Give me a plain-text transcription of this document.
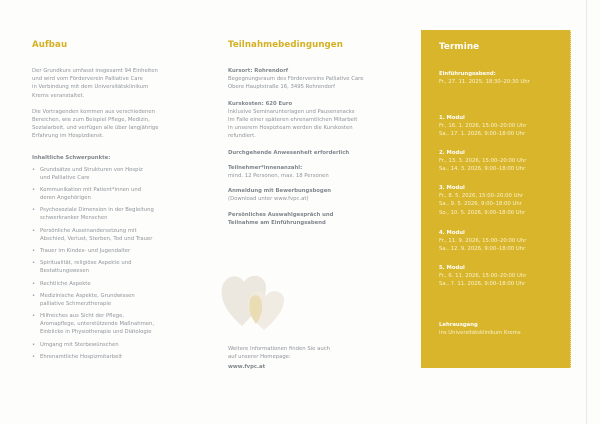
Aufbau
Der Grundkurs umfasst insgesamt 94 Einheiten
und wird vom Förderverein Palliative Care
in Verbindung mit dem Universitätsklinikum
Krems veranstaltet.
Die Vortragenden kommen aus verschiedenen
Bereichen, wie zum Beispiel Pflege, Medizin,
Sozialarbeit, und verfügen alle über langjährige
Erfahrung im Hospizdienst.
Inhaltliche Schwerpunkte:
• Grundsätze und Strukturen von Hospiz
und Palliative Care
• Kommunikation mit Patient*innen und
deren Angehörigen
• Psychosoziale Dimension in der Begleitung
schwerkranker Menschen
• Persönliche Auseinandersetzung mit
Abschied, Verlust, Sterben, Tod und Trauer
• Trauer im Kindes- und Jugendalter
• Spiritualität, religiöse Aspekte und
Bestattungswesen
• Rechtliche Aspekte
• Medizinische Aspekte, Grundwissen
palliative Schmerztherapie
• Hilfreiches aus Sicht der Pflege,
Aromapflege, unterstützende Maßnahmen,
Einblicke in Physiotherapie und Diätologie
• Umgang mit Sterbewünschen
• Ehrenamtliche Hospizmitarbeit
Teilnahmebedingungen
Kursort: Rohrendorf
Begegnungsraum des Fördervereins Palliative Care
Obere Hauptstraße 16, 3495 Rohrendorf
Kurskosten: 620 Euro
Inklusive Seminarunterlagen und Pausensnacks
Im Falle einer späteren ehrenamtlichen Mitarbeit
in unserem Hospizteam werden die Kurskosten
refundiert.
Durchgehende Anwesenheit erforderlich
Teilnehmer*innenanzahl:
mind. 12 Personen, max. 18 Personen
Anmeldung mit Bewerbungsbogen
(Download unter www.fvpc.at)
Persönliches Auswahlgespräch und
Teilnahme am Einführungsabend
Weitere Informationen finden Sie auch
auf unserer Homepage:
www.fvpc.at
Termine
Einführungsabend:
Fr., 27. 11. 2025, 18:30–20:30 Uhr
1. Modul
Fr., 16. 1. 2026, 15:00–20:00 Uhr
Sa., 17. 1. 2026, 9:00–18:00 Uhr
2. Modul
Fr., 13. 3. 2026, 15:00–20:00 Uhr
Sa., 14. 3. 2026, 9:00–18:00 Uhr
3. Modul
Fr., 8. 5. 2026, 15:00–20:00 Uhr
Sa., 9. 5. 2026, 9:00–18:00 Uhr
So., 10. 5. 2026, 9:00–18:00 Uhr
4. Modul
Fr., 11. 9. 2026, 15:00–20:00 Uhr
Sa., 12. 9. 2026, 9:00–18:00 Uhr
5. Modul
Fr., 6. 11. 2026, 15:00–20:00 Uhr
Sa., 7. 11. 2026, 9:00–18:00 Uhr
Lehrausgang
ins Universitätsklinikum Krems
